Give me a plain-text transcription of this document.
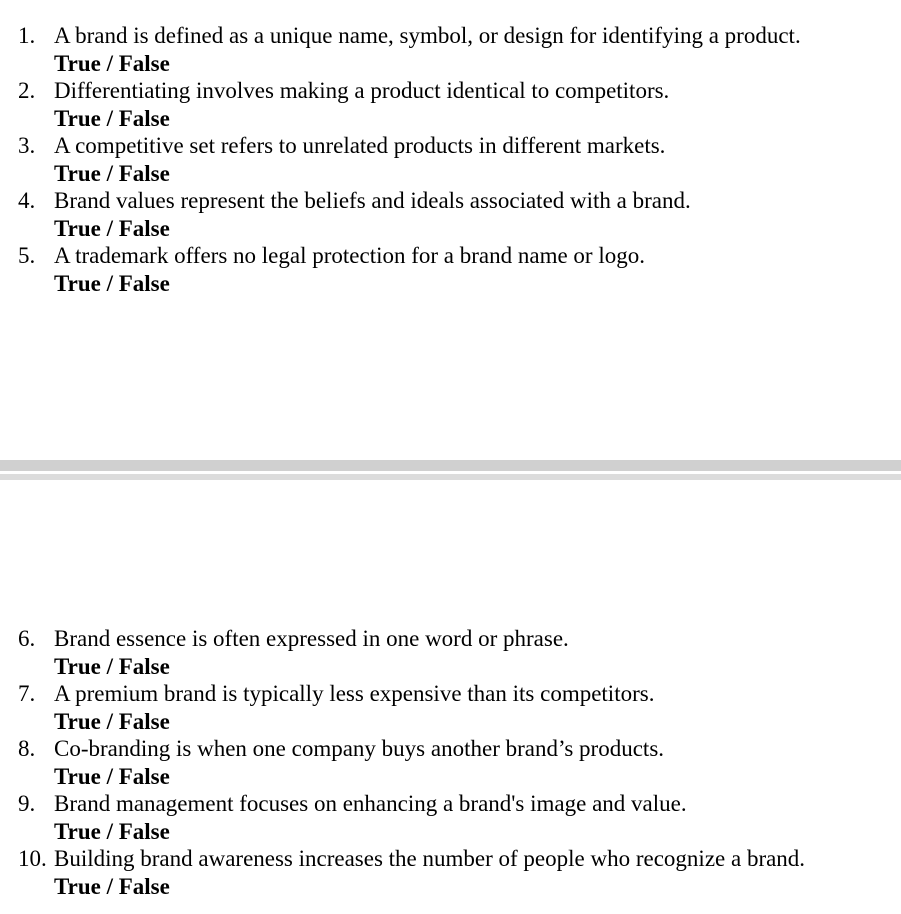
1. A brand is defined as a unique name, symbol, or design for identifying a product.
True / False
2. Differentiating involves making a product identical to competitors.
True / False
3. A competitive set refers to unrelated products in different markets.
True / False
4. Brand values represent the beliefs and ideals associated with a brand.
True / False
5. A trademark offers no legal protection for a brand name or logo.
True / False
6. Brand essence is often expressed in one word or phrase.
True / False
7. A premium brand is typically less expensive than its competitors.
True / False
8. Co-branding is when one company buys another brand’s products.
True / False
9. Brand management focuses on enhancing a brand's image and value.
True / False
10. Building brand awareness increases the number of people who recognize a brand.
True / False
